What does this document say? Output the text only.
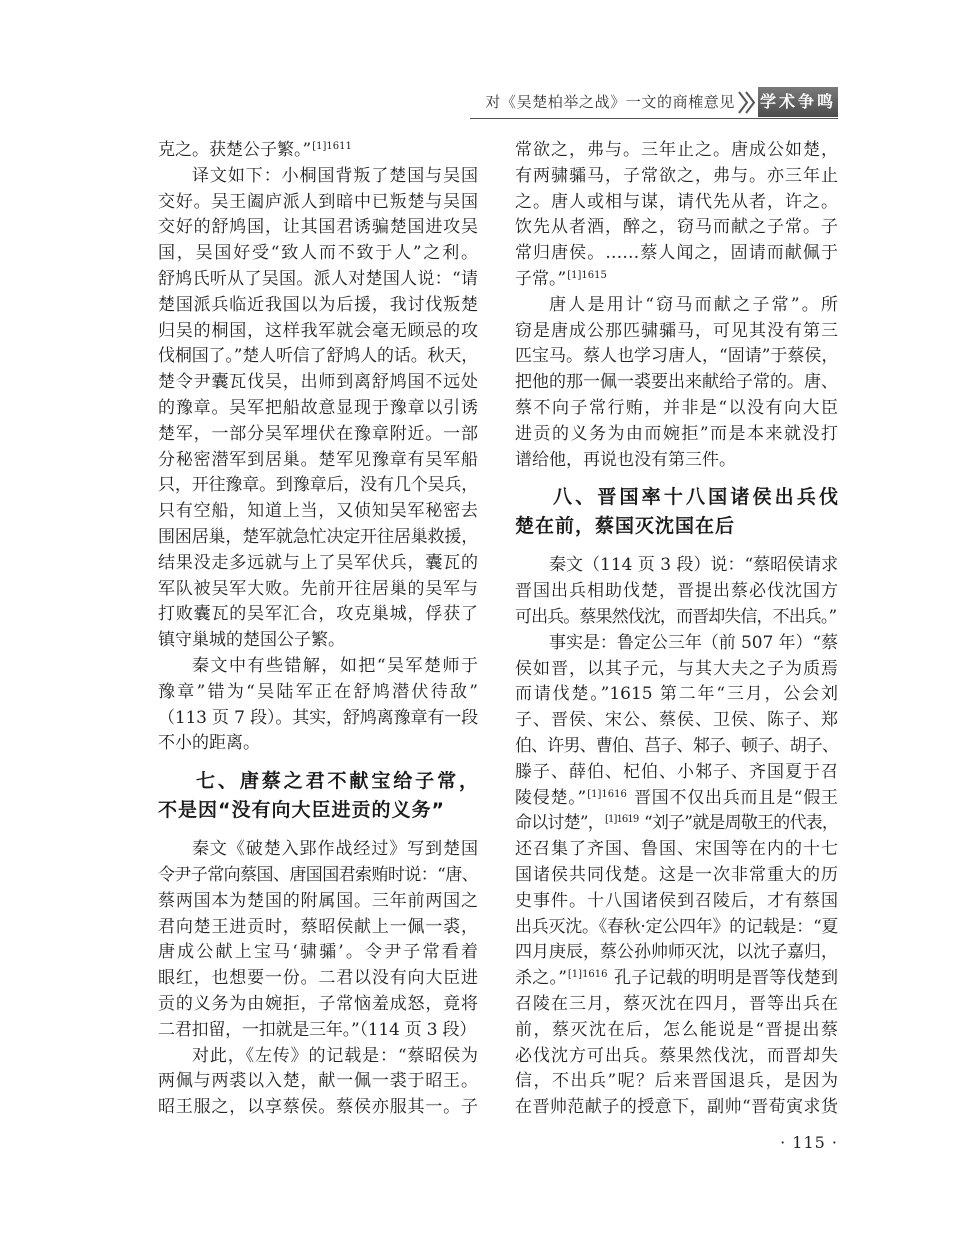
对《吴楚柏举之战》一文的商榷意见 学术争鸣
克之。获楚公子繁。”$^{[1]1611}$
译文如下：小桐国背叛了楚国与吴国
交好。吴王阖庐派人到暗中已叛楚与吴国
交好的舒鸠国，让其国君诱骗楚国进攻吴
国，吴国好受“致人而不致于人”之利。
舒鸠氏听从了吴国。派人对楚国人说：“请
楚国派兵临近我国以为后援，我讨伐叛楚
归吴的桐国，这样我军就会毫无顾忌的攻
伐桐国了。”楚人听信了舒鸠人的话。秋天，
楚令尹囊瓦伐吴，出师到离舒鸠国不远处
的豫章。吴军把船故意显现于豫章以引诱
楚军，一部分吴军埋伏在豫章附近。一部
分秘密潜军到居巢。楚军见豫章有吴军船
只，开往豫章。到豫章后，没有几个吴兵，
只有空船，知道上当，又侦知吴军秘密去
围困居巢，楚军就急忙决定开往居巢救援，
结果没走多远就与上了吴军伏兵，囊瓦的
军队被吴军大败。先前开往居巢的吴军与
打败囊瓦的吴军汇合，攻克巢城，俘获了
镇守巢城的楚国公子繁。
秦文中有些错解，如把“吴军楚师于
豫章”错为“吴陆军正在舒鸠潜伏待敌”
（113 页 7 段）。其实，舒鸠离豫章有一段
不小的距离。
七、唐蔡之君不献宝给子常，
不是因“没有向大臣进贡的义务”
秦文《破楚入郢作战经过》写到楚国
令尹子常向蔡国、唐国国君索贿时说：“唐、
蔡两国本为楚国的附属国。三年前两国之
君向楚王进贡时，蔡昭侯献上一佩一裘，
唐成公献上宝马‘骕骦’。令尹子常看着
眼红，也想要一份。二君以没有向大臣进
贡的义务为由婉拒，子常恼羞成怒，竟将
二君扣留，一扣就是三年。”（114 页 3 段）
对此，《左传》的记载是：“蔡昭侯为
两佩与两裘以入楚，献一佩一裘于昭王。
昭王服之，以享蔡侯。蔡侯亦服其一。子
常欲之，弗与。三年止之。唐成公如楚，
有两骕骦马，子常欲之，弗与。亦三年止
之。唐人或相与谋，请代先从者，许之。
饮先从者酒，醉之，窃马而献之子常。子
常归唐侯。……蔡人闻之，固请而献佩于
子常。”$^{[1]1615}$
唐人是用计“窃马而献之子常”。所
窃是唐成公那匹骕骦马，可见其没有第三
匹宝马。蔡人也学习唐人，“固请”于蔡侯，
把他的那一佩一裘要出来献给子常的。唐、
蔡不向子常行贿，并非是“以没有向大臣
进贡的义务为由而婉拒”而是本来就没打
谱给他，再说也没有第三件。
八、晋国率十八国诸侯出兵伐
楚在前，蔡国灭沈国在后
秦文（114 页 3 段）说：“蔡昭侯请求
晋国出兵相助伐楚，晋提出蔡必伐沈国方
可出兵。蔡果然伐沈，而晋却失信，不出兵。”
事实是：鲁定公三年（前 507 年）“蔡
侯如晋，以其子元，与其大夫之子为质焉
而请伐楚。”1615 第二年“三月，公会刘
子、晋侯、宋公、蔡侯、卫侯、陈子、郑
伯、许男、曹伯、莒子、邾子、顿子、胡子、
滕子、薛伯、杞伯、小邾子、齐国夏于召
陵侵楚。”$^{[1]1616}$ 晋国不仅出兵而且是“假王
命以讨楚”，$^{[1]1619}$ “刘子”就是周敬王的代表，
还召集了齐国、鲁国、宋国等在内的十七
国诸侯共同伐楚。这是一次非常重大的历
史事件。十八国诸侯到召陵后，才有蔡国
出兵灭沈。《春秋·定公四年》的记载是：“夏
四月庚辰，蔡公孙帅师灭沈，以沈子嘉归，
杀之。”$^{[1]1616}$ 孔子记载的明明是晋等伐楚到
召陵在三月，蔡灭沈在四月，晋等出兵在
前，蔡灭沈在后，怎么能说是“晋提出蔡
必伐沈方可出兵。蔡果然伐沈，而晋却失
信，不出兵”呢？后来晋国退兵，是因为
在晋帅范献子的授意下，副帅“晋荀寅求货
· 115 ·
